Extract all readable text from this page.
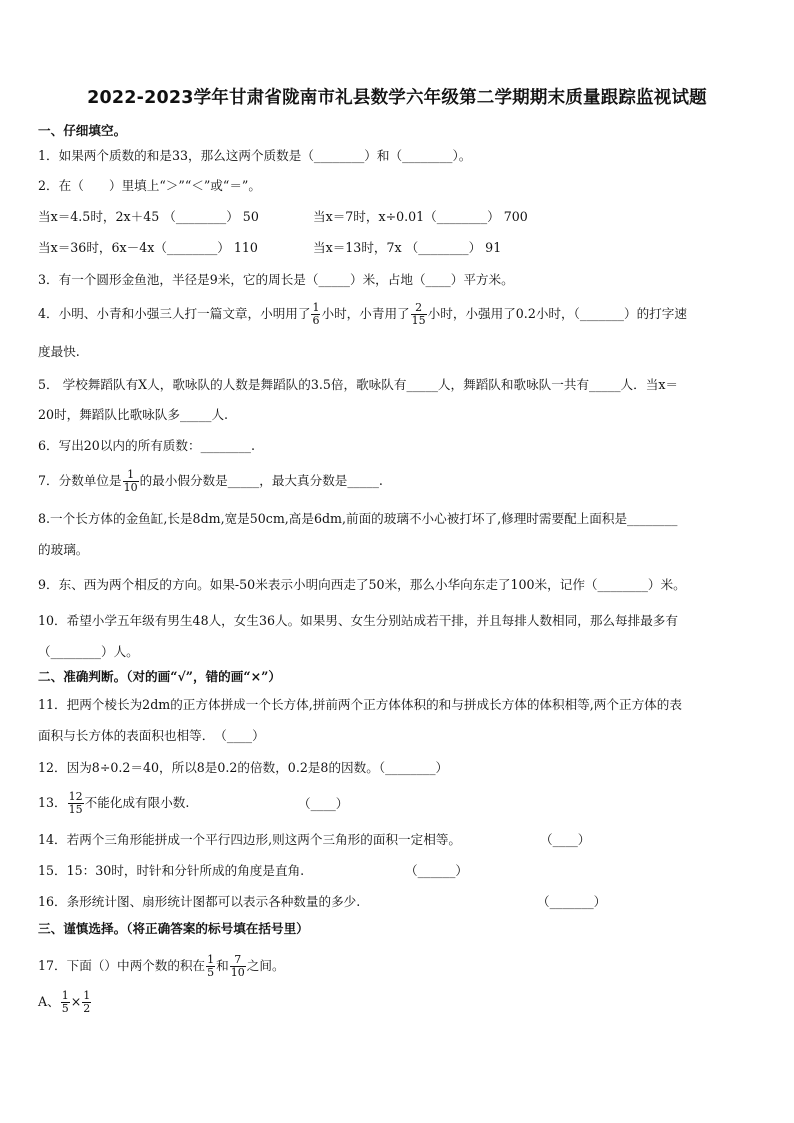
2022-2023学年甘肃省陇南市礼县数学六年级第二学期期末质量跟踪监视试题
一、仔细填空。
1．如果两个质数的和是33，那么这两个质数是（________）和（________）。
2．在（　　）里填上“＞”“＜”或“＝”。
当x＝4.5时，2x＋45 （________） 50	当x＝7时，x÷0.01（________） 700
当x＝36时，6x－4x（________） 110	当x＝13时，7x （________） 91
3．有一个圆形金鱼池，半径是9米，它的周长是（_____）米，占地（____）平方米。
4．小明、小青和小强三人打一篇文章，小明用了 $\frac{1}{6}$ 小时，小青用了 $\frac{2}{15}$ 小时，小强用了0.2小时，（_______）的打字速
度最快.
5． 学校舞蹈队有X人，歌咏队的人数是舞蹈队的3.5倍，歌咏队有_____人，舞蹈队和歌咏队一共有_____人．当x＝
20时，舞蹈队比歌咏队多_____人.
6．写出20以内的所有质数：________.
7．分数单位是 $\frac{1}{10}$ 的最小假分数是_____，最大真分数是_____.
8.一个长方体的金鱼缸,长是8dm,宽是50cm,高是6dm,前面的玻璃不小心被打坏了,修理时需要配上面积是________
的玻璃。
9．东、西为两个相反的方向。如果-50米表示小明向西走了50米，那么小华向东走了100米，记作（________）米。
10．希望小学五年级有男生48人，女生36人。如果男、女生分别站成若干排，并且每排人数相同，那么每排最多有
（________）人。
二、准确判断。（对的画“√”，错的画“×”）
11．把两个棱长为2dm的正方体拼成一个长方体,拼前两个正方体体积的和与拼成长方体的体积相等,两个正方体的表
面积与长方体的表面积也相等．　（____）
12．因为8÷0.2＝40，所以8是0.2的倍数，0.2是8的因数。（________）
13． $\frac{12}{15}$ 不能化成有限小数.	（____）
14．若两个三角形能拼成一个平行四边形,则这两个三角形的面积一定相等。	（____）
15．15：30时，时针和分针所成的角度是直角.	（______）
16．条形统计图、扇形统计图都可以表示各种数量的多少.	（_______）
三、谨慎选择。（将正确答案的标号填在括号里）
17．下面（）中两个数的积在 $\frac{1}{5}$ 和 $\frac{7}{10}$ 之间。
A、 $\frac{1}{5} \times \frac{1}{2}$
